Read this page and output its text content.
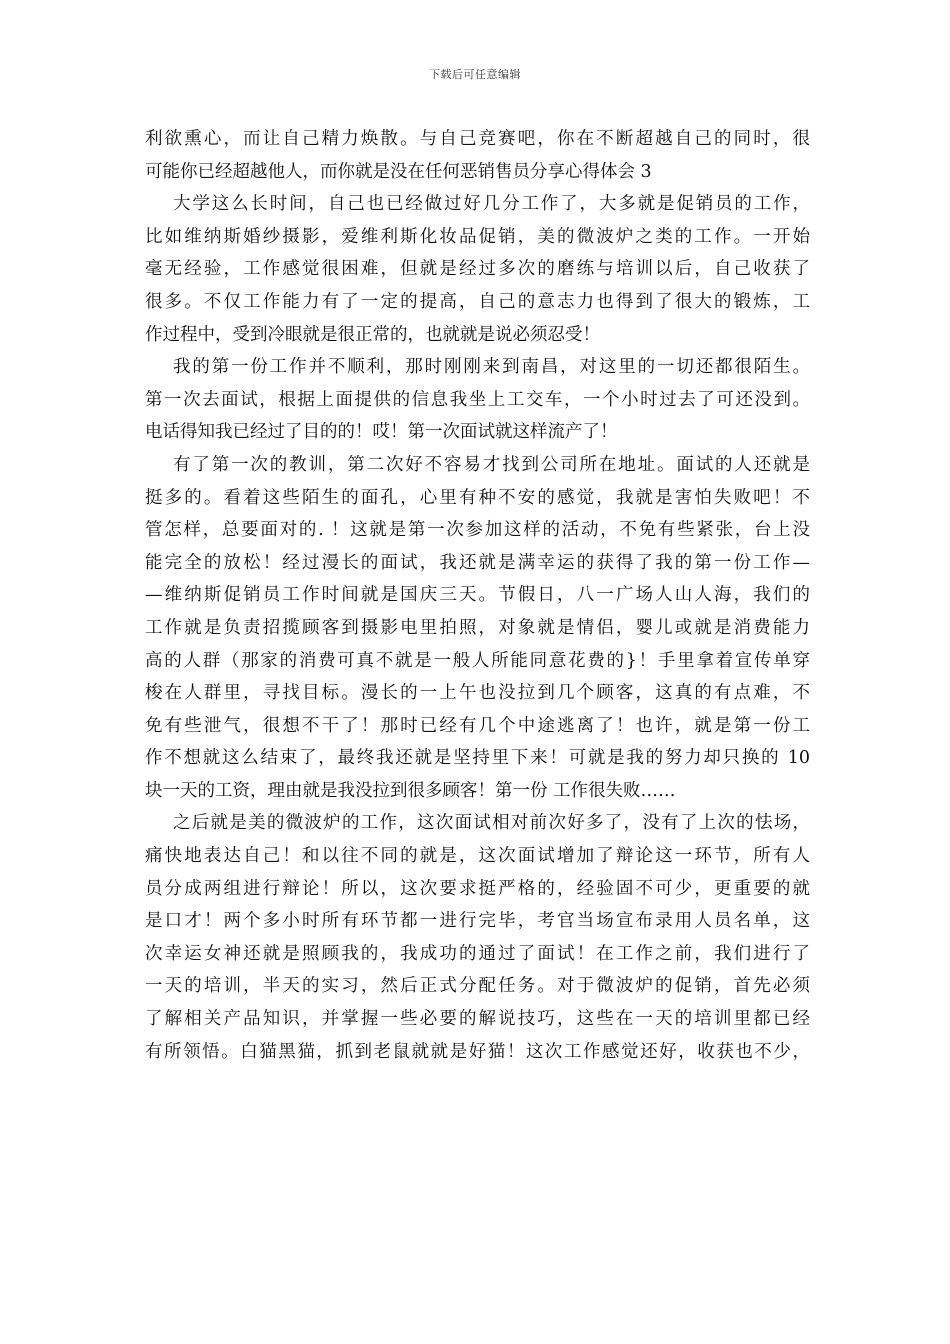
下载后可任意编辑
利欲熏心，而让自己精力焕散。与自己竞赛吧，你在不断超越自己的同时，很
可能你已经超越他人，而你就是没在任何恶销售员分享心得体会 3
大学这么长时间，自己也已经做过好几分工作了，大多就是促销员的工作，
比如维纳斯婚纱摄影，爱维利斯化妆品促销，美的微波炉之类的工作。一开始
毫无经验，工作感觉很困难，但就是经过多次的磨练与培训以后，自己收获了
很多。不仅工作能力有了一定的提高，自己的意志力也得到了很大的锻炼，工
作过程中，受到冷眼就是很正常的，也就就是说必须忍受！
我的第一份工作并不顺利，那时刚刚来到南昌，对这里的一切还都很陌生。
第一次去面试，根据上面提供的信息我坐上工交车，一个小时过去了可还没到。
电话得知我已经过了目的的！哎！第一次面试就这样流产了！
有了第一次的教训，第二次好不容易才找到公司所在地址。面试的人还就是
挺多的。看着这些陌生的面孔，心里有种不安的感觉，我就是害怕失败吧！不
管怎样，总要面对的. ！这就是第一次参加这样的活动，不免有些紧张，台上没
能完全的放松！经过漫长的面试，我还就是满幸运的获得了我的第一份工作—
—维纳斯促销员工作时间就是国庆三天。节假日，八一广场人山人海，我们的
工作就是负责招揽顾客到摄影电里拍照，对象就是情侣，婴儿或就是消费能力
高的人群（那家的消费可真不就是一般人所能同意花费的}！手里拿着宣传单穿
梭在人群里，寻找目标。漫长的一上午也没拉到几个顾客，这真的有点难，不
免有些泄气，很想不干了！那时已经有几个中途逃离了！也许，就是第一份工
作不想就这么结束了，最终我还就是坚持里下来！可就是我的努力却只换的 10
块一天的工资，理由就是我没拉到很多顾客！第一份 工作很失败……
之后就是美的微波炉的工作，这次面试相对前次好多了，没有了上次的怯场，
痛快地表达自己！和以往不同的就是，这次面试增加了辩论这一环节，所有人
员分成两组进行辩论！所以，这次要求挺严格的，经验固不可少，更重要的就
是口才！两个多小时所有环节都一进行完毕，考官当场宣布录用人员名单，这
次幸运女神还就是照顾我的，我成功的通过了面试！在工作之前，我们进行了
一天的培训，半天的实习，然后正式分配任务。对于微波炉的促销，首先必须
了解相关产品知识，并掌握一些必要的解说技巧，这些在一天的培训里都已经
有所领悟。白猫黑猫，抓到老鼠就就是好猫！这次工作感觉还好，收获也不少，
